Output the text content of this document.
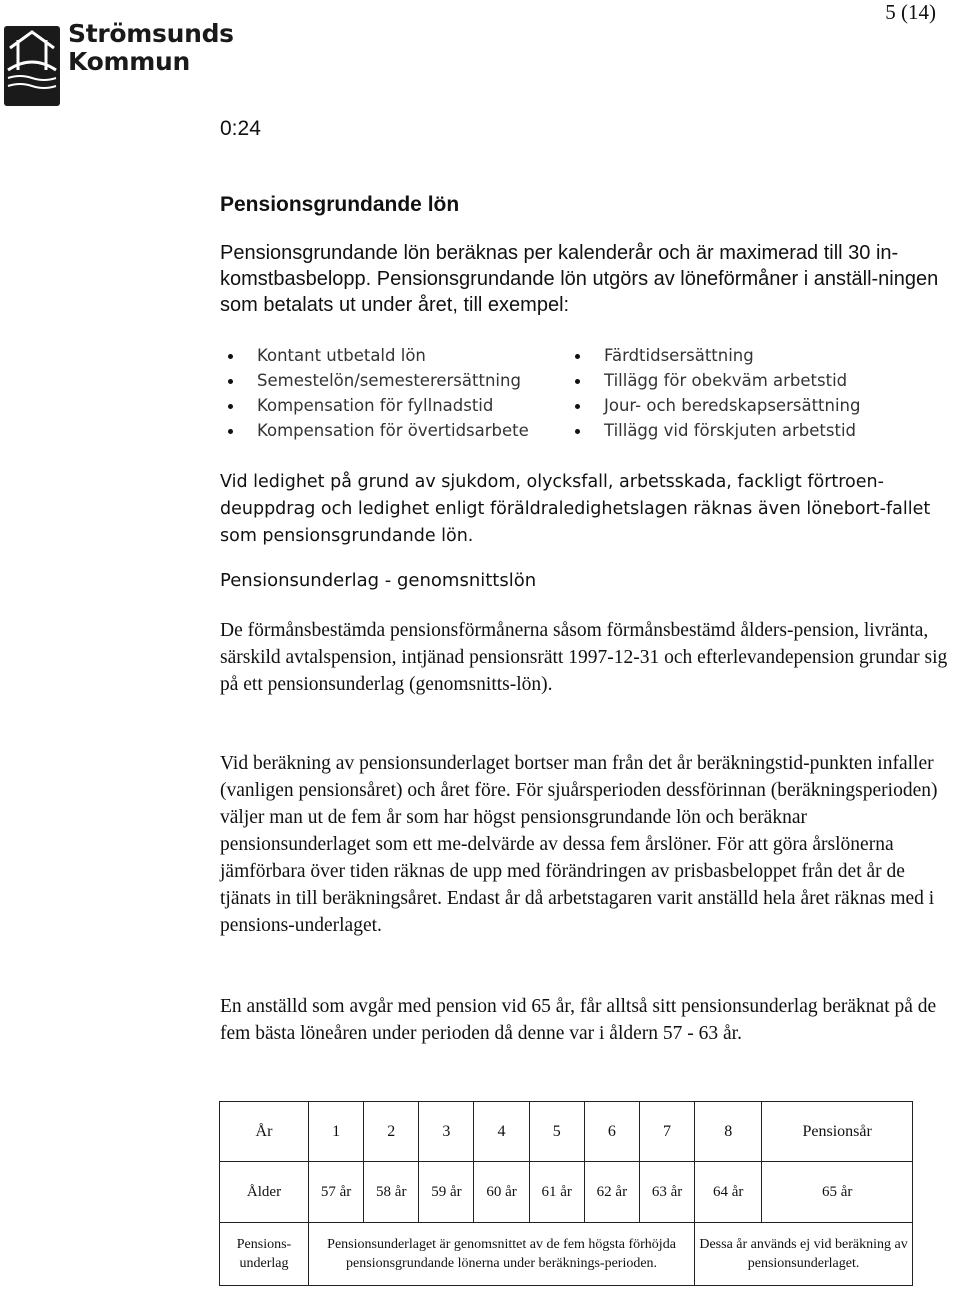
Strömsunds
Kommun
5 (14)
0:24
Pensionsgrundande lön
Pensionsgrundande lön beräknas per kalenderår och är maximerad till 30 in-
komstbasbelopp. Pensionsgrundande lön utgörs av löneförmåner i anställ-ningen som betalats ut under året, till exempel:
Kontant utbetald lön
Semestelön/semesterersättning
Kompensation för fyllnadstid
Kompensation för övertidsarbete
Färdtidsersättning
Tillägg för obekväm arbetstid
Jour- och beredskapsersättning
Tillägg vid förskjuten arbetstid
Vid ledighet på grund av sjukdom, olycksfall, arbetsskada, fackligt förtroen-deuppdrag och ledighet enligt föräldraledighetslagen räknas även lönebort-fallet som pensionsgrundande lön.
Pensionsunderlag - genomsnittslön
De förmånsbestämda pensionsförmånerna såsom förmånsbestämd ålders-pension, livränta, särskild avtalspension, intjänad pensionsrätt 1997-12-31 och efterlevandepension grundar sig på ett pensionsunderlag (genomsnitts-lön).
Vid beräkning av pensionsunderlaget bortser man från det år beräkningstid-punkten infaller (vanligen pensionsåret) och året före. För sjuårsperioden dessförinnan (beräkningsperioden) väljer man ut de fem år som har högst pensionsgrundande lön och beräknar pensionsunderlaget som ett me-delvärde av dessa fem årslöner. För att göra årslönerna jämförbara över tiden räknas de upp med förändringen av prisbasbeloppet från det år de tjänats in till beräkningsåret. Endast år då arbetstagaren varit anställd hela året räknas med i pensions-underlaget.
En anställd som avgår med pension vid 65 år, får alltså sitt pensionsunderlag beräknat på de fem bästa löneåren under perioden då denne var i åldern 57 - 63 år.
År	1	2	3	4	5	6	7	8	Pensionsår
Ålder	57 år	58 år	59 år	60 år	61 år	62 år	63 år	64 år	65 år
Pensions-underlag	Pensionsunderlaget är genomsnittet av de fem högsta förhöjda pensionsgrundande lönerna under beräknings-perioden.							Dessa år används ej vid beräkning av pensionsunderlaget.	
